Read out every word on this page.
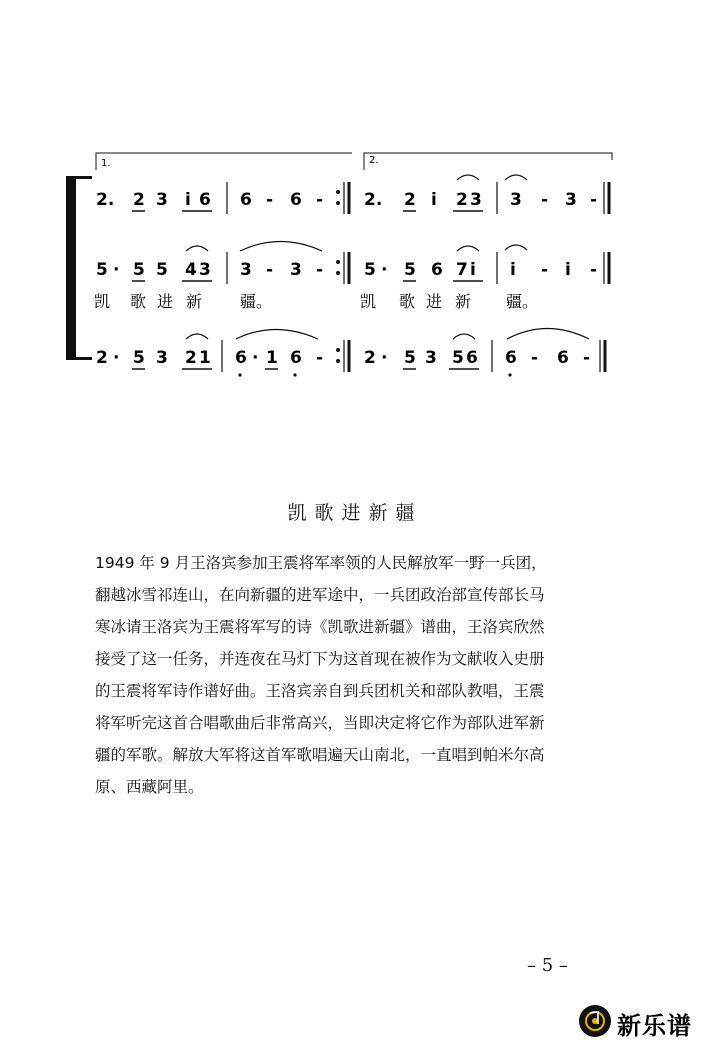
1.	2.
2. 2 3 i 6 6 - 6 - 2. 2 i 2 3 3 - 3 -
5 · 5 5 4 3 3 - 3 - 5 · 5 6 7 i i - i -
凯 歌 进 新 疆。	凯 歌 进 新 疆。
2 · 5 3 2 1 6 · 1 6 - 2 · 5 3 5 6 6 - 6 -
凯歌进新疆
1949 年 9 月王洛宾参加王震将军率领的人民解放军一野一兵团，
翻越冰雪祁连山，在向新疆的进军途中，一兵团政治部宣传部长马
寒冰请王洛宾为王震将军写的诗《凯歌进新疆》谱曲，王洛宾欣然
接受了这一任务，并连夜在马灯下为这首现在被作为文献收入史册
的王震将军诗作谱好曲。王洛宾亲自到兵团机关和部队教唱，王震
将军听完这首合唱歌曲后非常高兴，当即决定将它作为部队进军新
疆的军歌。解放大军将这首军歌唱遍天山南北，一直唱到帕米尔高
原、西藏阿里。
– 5 –
新乐谱
